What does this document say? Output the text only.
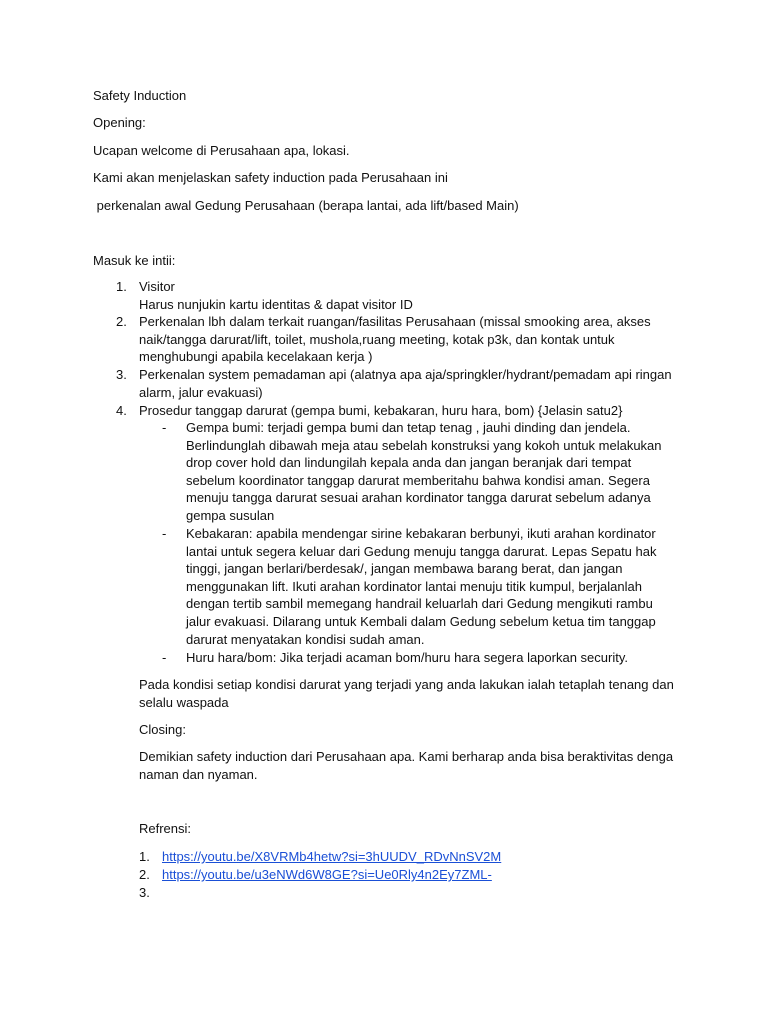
Safety Induction
Opening:
Ucapan welcome di Perusahaan apa, lokasi.
Kami akan menjelaskan safety induction pada Perusahaan ini
perkenalan awal Gedung Perusahaan (berapa lantai, ada lift/based Main)
Masuk ke intii:
1. Visitor
Harus nunjukin kartu identitas & dapat visitor ID
2. Perkenalan lbh dalam terkait ruangan/fasilitas Perusahaan (missal smooking area, akses naik/tangga darurat/lift, toilet, mushola,ruang meeting, kotak p3k, dan kontak untuk menghubungi apabila kecelakaan kerja )
3. Perkenalan system pemadaman api (alatnya apa aja/springkler/hydrant/pemadam api ringan alarm, jalur evakuasi)
4. Prosedur tanggap darurat (gempa bumi, kebakaran, huru hara, bom) {Jelasin satu2}
- Gempa bumi: terjadi gempa bumi dan tetap tenag , jauhi dinding dan jendela. Berlindunglah dibawah meja atau sebelah konstruksi yang kokoh untuk melakukan drop cover hold dan lindungilah kepala anda dan jangan beranjak dari tempat sebelum koordinator tanggap darurat memberitahu bahwa kondisi aman. Segera menuju tangga darurat sesuai arahan kordinator tangga darurat sebelum adanya gempa susulan
- Kebakaran: apabila mendengar sirine kebakaran berbunyi, ikuti arahan kordinator lantai untuk segera keluar dari Gedung menuju tangga darurat. Lepas Sepatu hak tinggi, jangan berlari/berdesak/, jangan membawa barang berat, dan jangan menggunakan lift. Ikuti arahan kordinator lantai menuju titik kumpul, berjalanlah dengan tertib sambil memegang handrail keluarlah dari Gedung mengikuti rambu jalur evakuasi. Dilarang untuk Kembali dalam Gedung sebelum ketua tim tanggap darurat menyatakan kondisi sudah aman.
- Huru hara/bom: Jika terjadi acaman bom/huru hara segera laporkan security.
Pada kondisi setiap kondisi darurat yang terjadi yang anda lakukan ialah tetaplah tenang dan selalu waspada
Closing:
Demikian safety induction dari Perusahaan apa. Kami berharap anda bisa beraktivitas denga naman dan nyaman.
Refrensi:
1. https://youtu.be/X8VRMb4hetw?si=3hUUDV_RDvNnSV2M
2. https://youtu.be/u3eNWd6W8GE?si=Ue0Rly4n2Ey7ZML-
3.
